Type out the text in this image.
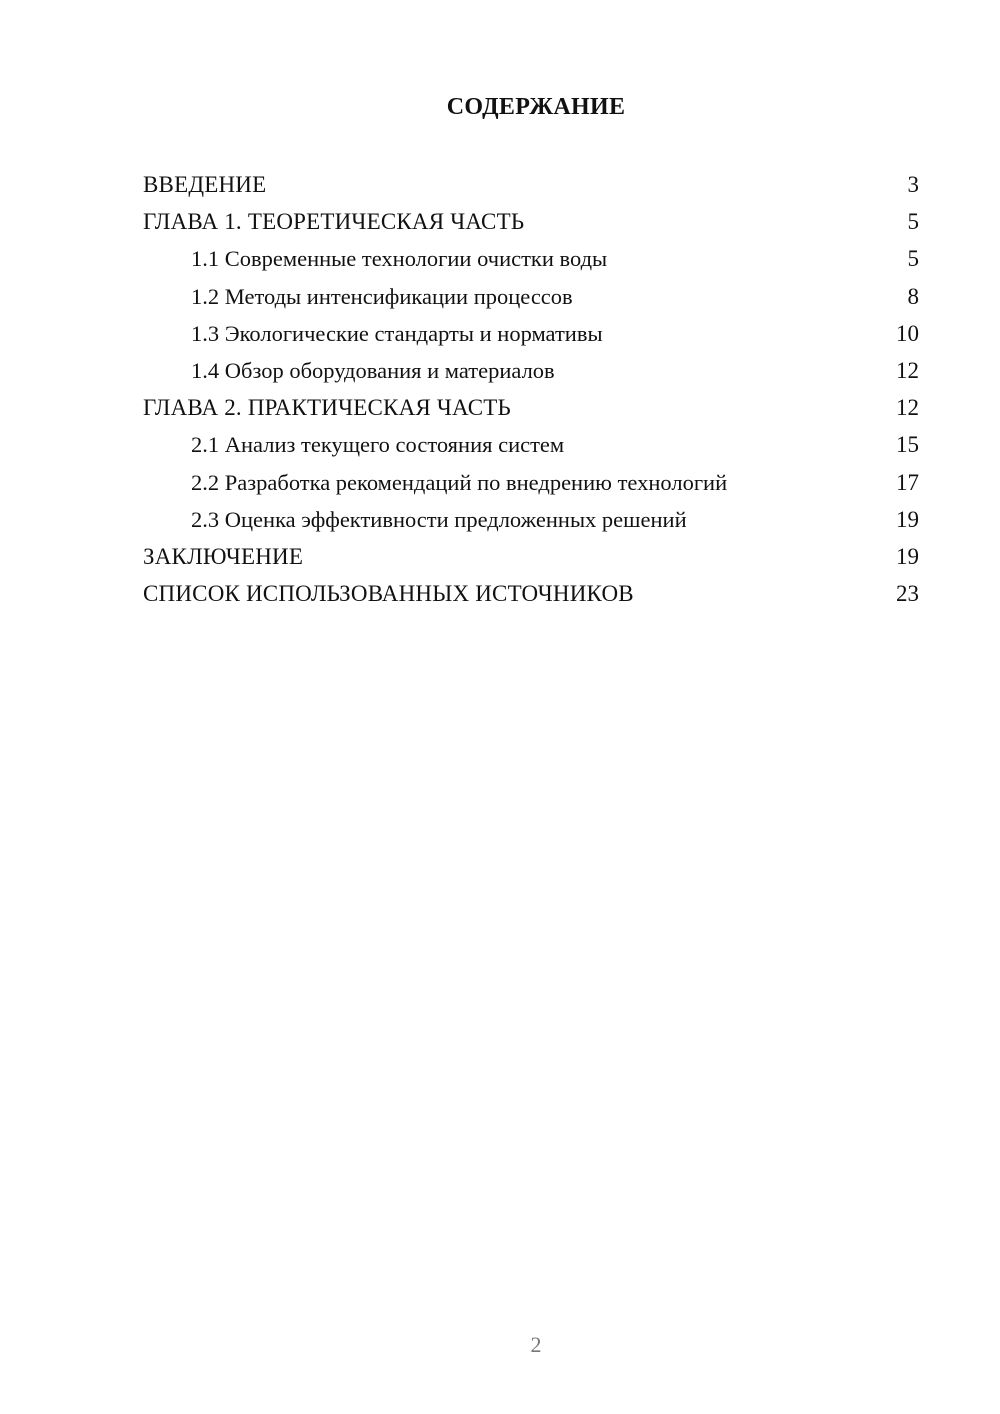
СОДЕРЖАНИЕ
ВВЕДЕНИЕ	3
ГЛАВА 1. ТЕОРЕТИЧЕСКАЯ ЧАСТЬ	5
1.1 Современные технологии очистки воды	5
1.2 Методы интенсификации процессов	8
1.3 Экологические стандарты и нормативы	10
1.4 Обзор оборудования и материалов	12
ГЛАВА 2. ПРАКТИЧЕСКАЯ ЧАСТЬ	12
2.1 Анализ текущего состояния систем	15
2.2 Разработка рекомендаций по внедрению технологий	17
2.3 Оценка эффективности предложенных решений	19
ЗАКЛЮЧЕНИЕ	19
СПИСОК ИСПОЛЬЗОВАННЫХ ИСТОЧНИКОВ	23
2
